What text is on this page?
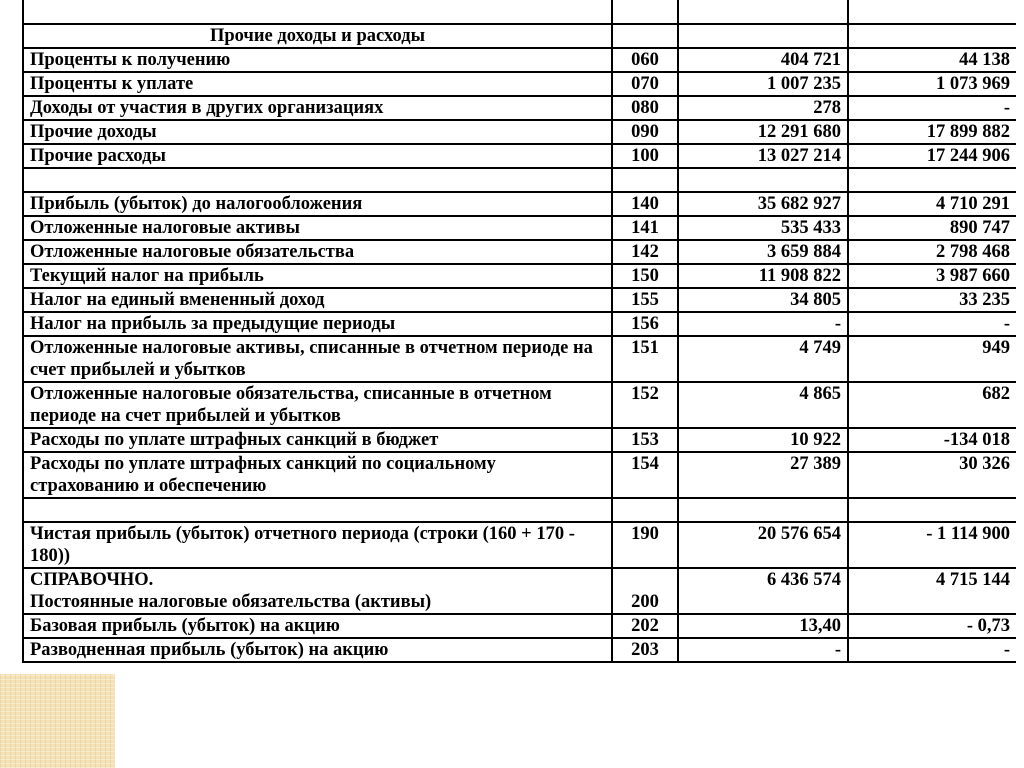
Прочие доходы и расходы			
Проценты к получению	060	404 721	44 138
Проценты к уплате	070	1 007 235	1 073 969
Доходы от участия в других организациях	080	278	-
Прочие доходы	090	12 291 680	17 899 882
Прочие расходы	100	13 027 214	17 244 906

Прибыль (убыток) до налогообложения	140	35 682 927	4 710 291
Отложенные налоговые активы	141	535 433	890 747
Отложенные налоговые обязательства	142	3 659 884	2 798 468
Текущий налог на прибыль	150	11 908 822	3 987 660
Налог на единый вмененный доход	155	34 805	33 235
Налог на прибыль за предыдущие периоды	156	-	-
Отложенные налоговые активы, списанные в отчетном периоде на счет прибылей и убытков	151	4 749	949
Отложенные налоговые обязательства, списанные в отчетном периоде на счет прибылей и убытков	152	4 865	682
Расходы по уплате штрафных санкций в бюджет	153	10 922	-134 018
Расходы по уплате штрафных санкций по социальному страхованию и обеспечению	154	27 389	30 326

Чистая прибыль (убыток) отчетного периода (строки (160 + 170 - 180))	190	20 576 654	- 1 114 900

СПРАВОЧНО.
Постоянные налоговые обязательства (активы)	200	6 436 574	4 715 144
Базовая прибыль (убыток) на акцию	202	13,40	- 0,73
Разводненная прибыль (убыток) на акцию	203	-	-
